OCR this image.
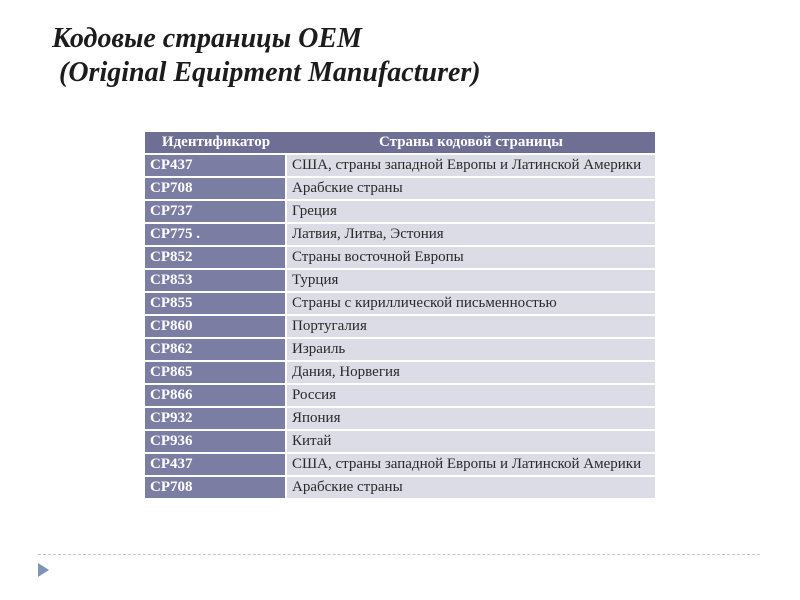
Кодовые страницы OEM
(Original Equipment Manufacturer)
Идентификатор	Страны кодовой страницы
CP437	США, страны западной Европы и Латинской Америки
CP708	Арабские страны
CP737	Греция
CP775 .	Латвия, Литва, Эстония
CP852	Страны восточной Европы
CP853	Турция
CP855	Страны с кириллической письменностью
CP860	Португалия
CP862	Израиль
CP865	Дания, Норвегия
CP866	Россия
CP932	Япония
CP936	Китай
CP437	США, страны западной Европы и Латинской Америки
CP708	Арабские страны
